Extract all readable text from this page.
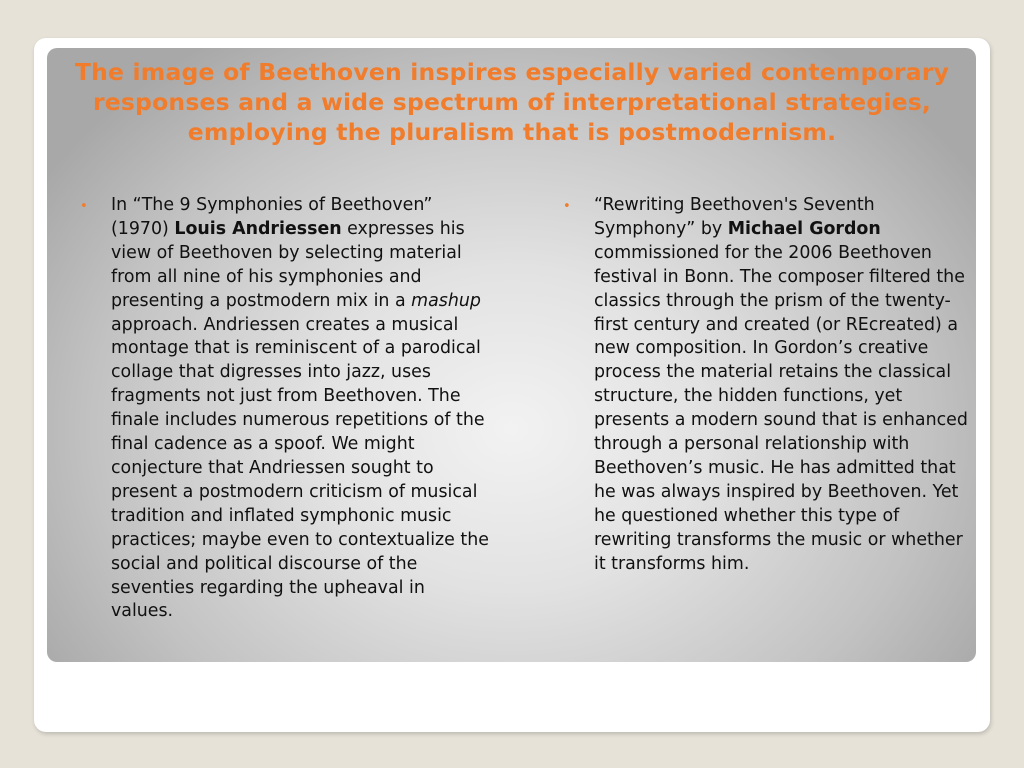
The image of Beethoven inspires especially varied contemporary responses and a wide spectrum of interpretational strategies, employing the pluralism that is postmodernism.
• In “The 9 Symphonies of Beethoven” (1970) Louis Andriessen expresses his view of Beethoven by selecting material from all nine of his symphonies and presenting a postmodern mix in a mashup approach. Andriessen creates a musical montage that is reminiscent of a parodical collage that digresses into jazz, uses fragments not just from Beethoven. The finale includes numerous repetitions of the final cadence as a spoof. We might conjecture that Andriessen sought to present a postmodern criticism of musical tradition and inflated symphonic music practices; maybe even to contextualize the social and political discourse of the seventies regarding the upheaval in values.
• “Rewriting Beethoven's Seventh Symphony” by Michael Gordon commissioned for the 2006 Beethoven festival in Bonn. The composer filtered the classics through the prism of the twenty-first century and created (or REcreated) a new composition. In Gordon’s creative process the material retains the classical structure, the hidden functions, yet presents a modern sound that is enhanced through a personal relationship with Beethoven’s music. He has admitted that he was always inspired by Beethoven. Yet he questioned whether this type of rewriting transforms the music or whether it transforms him.
